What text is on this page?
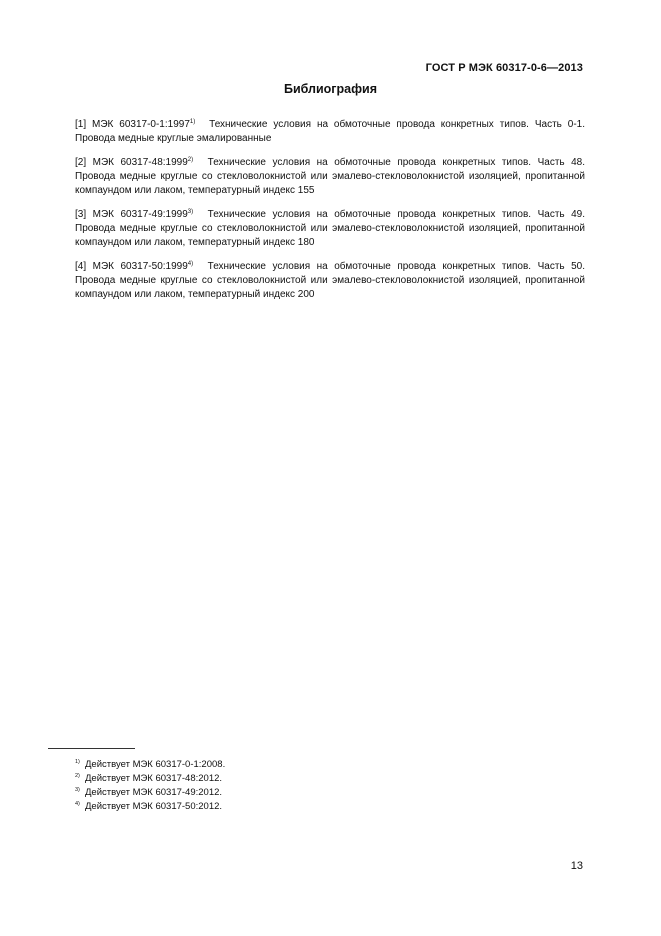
ГОСТ Р МЭК 60317-0-6—2013
Библиография

[1] МЭК 60317-0-1:1997$^{1)}$ Технические условия на обмоточные провода конкретных типов. Часть 0-1. Провода медные круглые эмалированные

[2] МЭК 60317-48:1999$^{2)}$ Технические условия на обмоточные провода конкретных типов. Часть 48. Провода медные круглые со стекловолокнистой или эмалево-стекловолокнистой изоляцией, пропитанной компаундом или лаком, температурный индекс 155

[3] МЭК 60317-49:1999$^{3)}$ Технические условия на обмоточные провода конкретных типов. Часть 49. Провода медные круглые со стекловолокнистой или эмалево-стекловолокнистой изоляцией, пропитанной компаундом или лаком, температурный индекс 180

[4] МЭК 60317-50:1999$^{4)}$ Технические условия на обмоточные провода конкретных типов. Часть 50. Провода медные круглые со стекловолокнистой или эмалево-стекловолокнистой изоляцией, пропитанной компаундом или лаком, температурный индекс 200

1) Действует МЭК 60317-0-1:2008.
2) Действует МЭК 60317-48:2012.
3) Действует МЭК 60317-49:2012.
4) Действует МЭК 60317-50:2012.
13
